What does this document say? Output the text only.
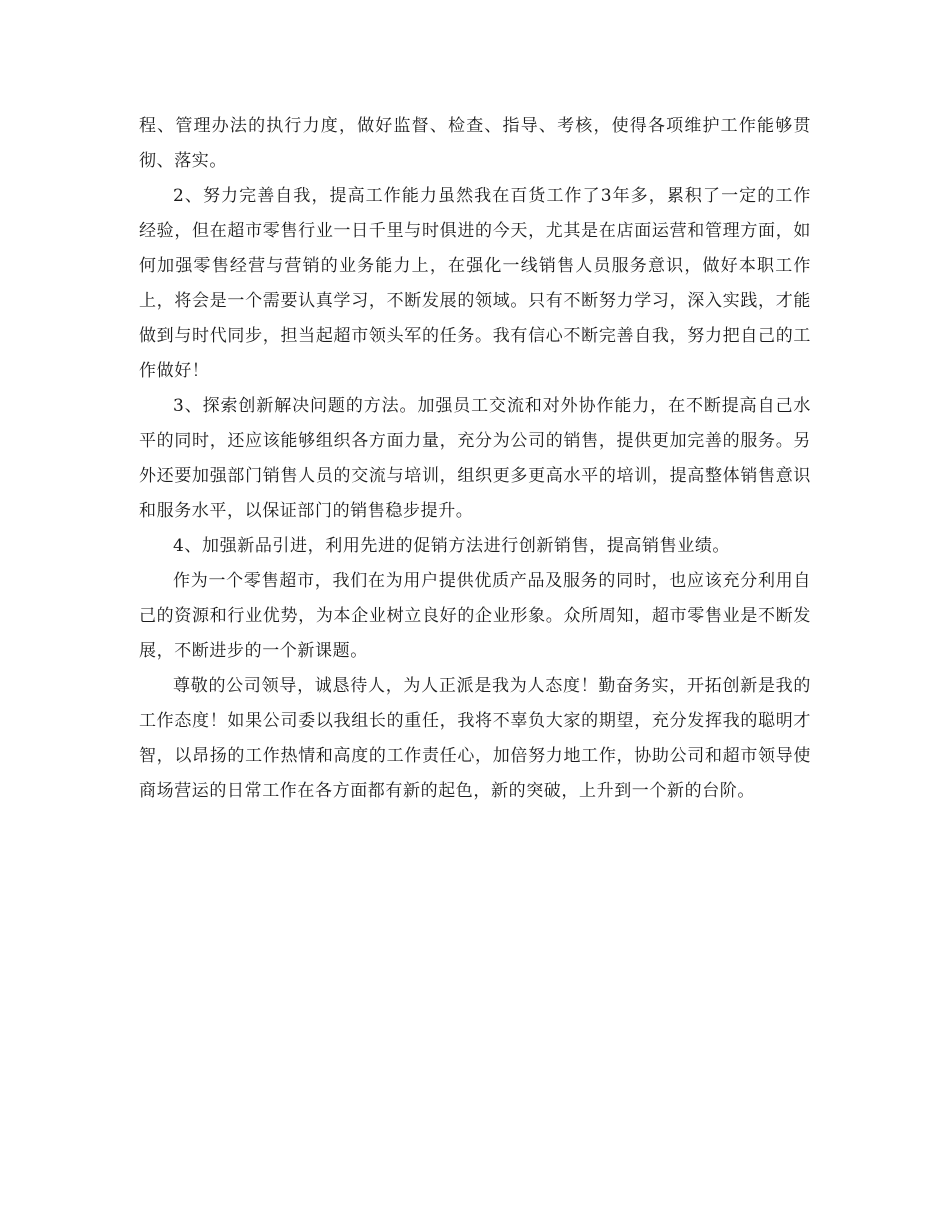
程、管理办法的执行力度，做好监督、检查、指导、考核，使得各项维护工作能够贯彻、落实。

2、努力完善自我，提高工作能力虽然我在百货工作了3年多，累积了一定的工作经验，但在超市零售行业一日千里与时俱进的今天，尤其是在店面运营和管理方面，如何加强零售经营与营销的业务能力上，在强化一线销售人员服务意识，做好本职工作上，将会是一个需要认真学习，不断发展的领域。只有不断努力学习，深入实践，才能做到与时代同步，担当起超市领头军的任务。我有信心不断完善自我，努力把自己的工作做好！

3、探索创新解决问题的方法。加强员工交流和对外协作能力，在不断提高自己水平的同时，还应该能够组织各方面力量，充分为公司的销售，提供更加完善的服务。另外还要加强部门销售人员的交流与培训，组织更多更高水平的培训，提高整体销售意识和服务水平，以保证部门的销售稳步提升。

4、加强新品引进，利用先进的促销方法进行创新销售，提高销售业绩。

作为一个零售超市，我们在为用户提供优质产品及服务的同时，也应该充分利用自己的资源和行业优势，为本企业树立良好的企业形象。众所周知，超市零售业是不断发展，不断进步的一个新课题。

尊敬的公司领导，诚恳待人，为人正派是我为人态度！勤奋务实，开拓创新是我的工作态度！如果公司委以我组长的重任，我将不辜负大家的期望，充分发挥我的聪明才智，以昂扬的工作热情和高度的工作责任心，加倍努力地工作，协助公司和超市领导使商场营运的日常工作在各方面都有新的起色，新的突破，上升到一个新的台阶。
